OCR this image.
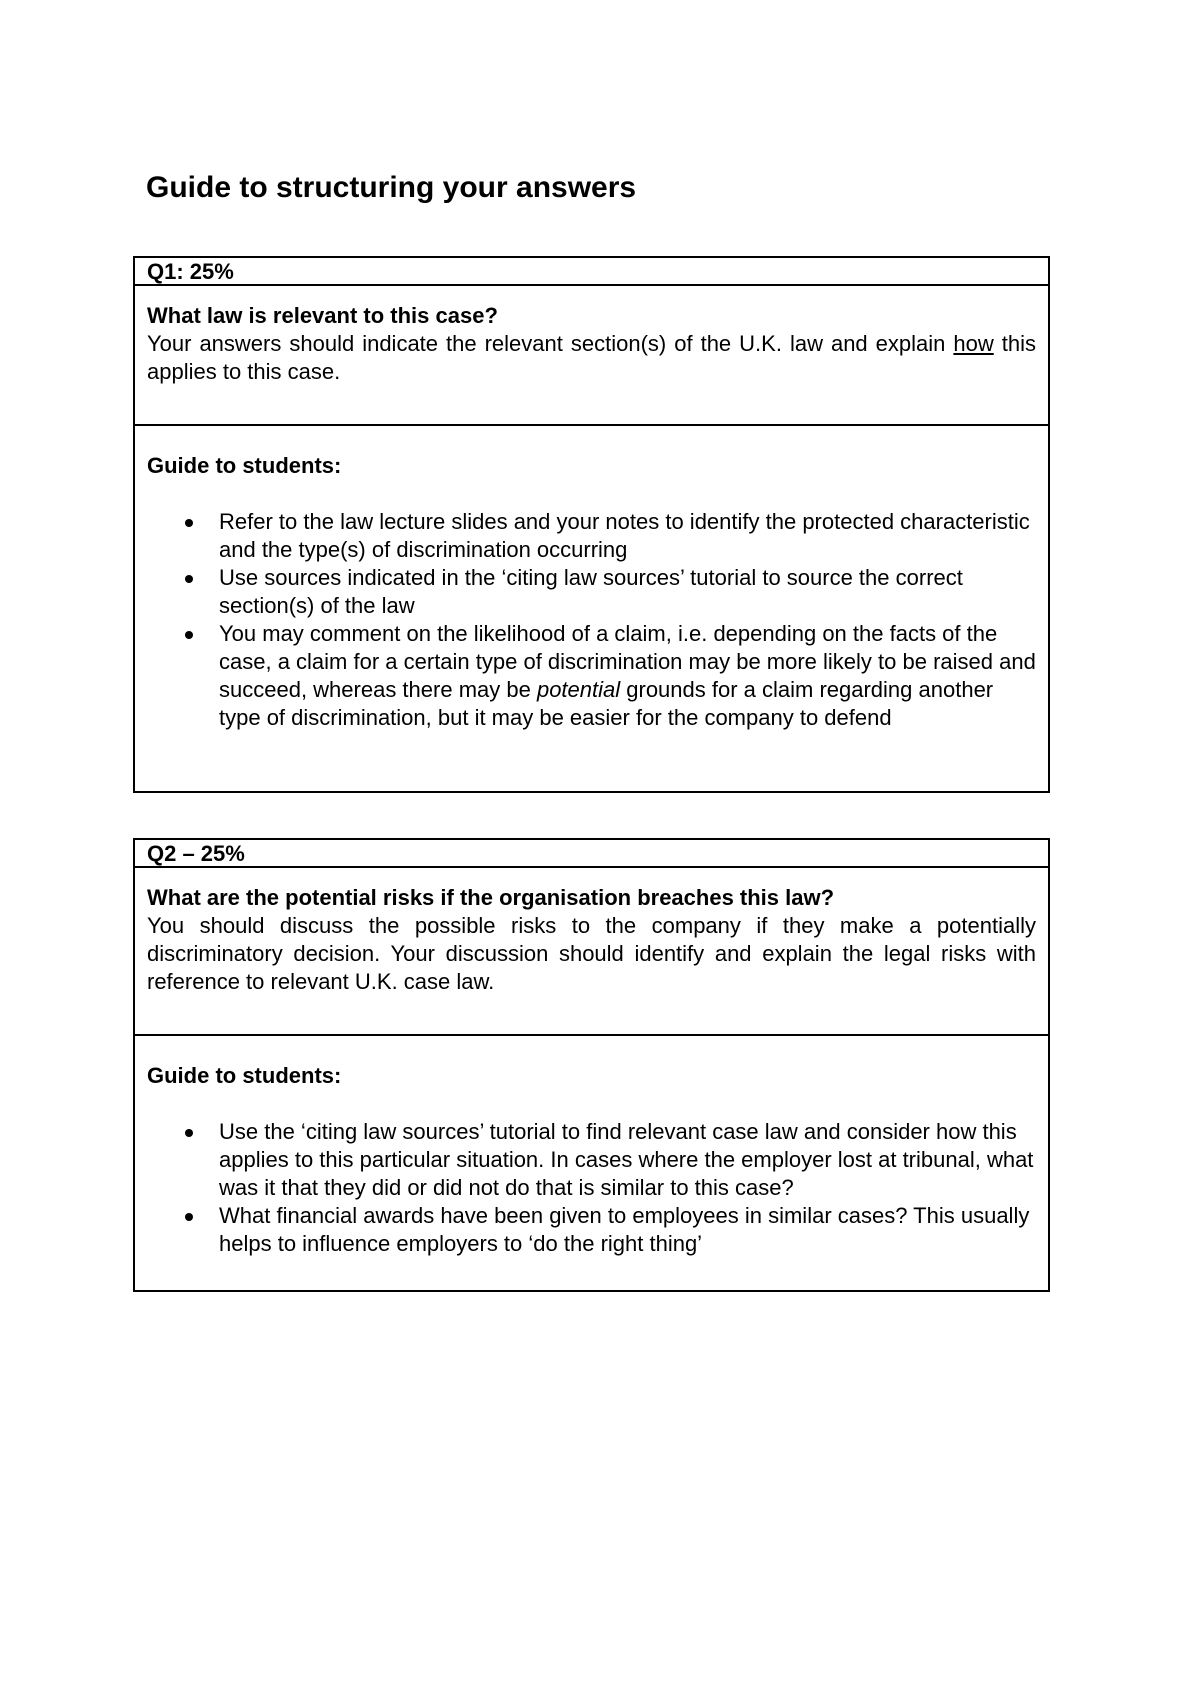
Guide to structuring your answers
Q1: 25%

What law is relevant to this case?

Your answers should indicate the relevant section(s) of the U.K. law and explain how this applies to this case.

Guide to students:

Refer to the law lecture slides and your notes to identify the protected characteristic and the type(s) of discrimination occurring
Use sources indicated in the ‘citing law sources’ tutorial to source the correct section(s) of the law
You may comment on the likelihood of a claim, i.e. depending on the facts of the case, a claim for a certain type of discrimination may be more likely to be raised and succeed, whereas there may be potential grounds for a claim regarding another type of discrimination, but it may be easier for the company to defend
Q2 – 25%

What are the potential risks if the organisation breaches this law?

You should discuss the possible risks to the company if they make a potentially discriminatory decision. Your discussion should identify and explain the legal risks with reference to relevant U.K. case law.

Guide to students:

Use the ‘citing law sources’ tutorial to find relevant case law and consider how this applies to this particular situation. In cases where the employer lost at tribunal, what was it that they did or did not do that is similar to this case?
What financial awards have been given to employees in similar cases? This usually helps to influence employers to ‘do the right thing’
